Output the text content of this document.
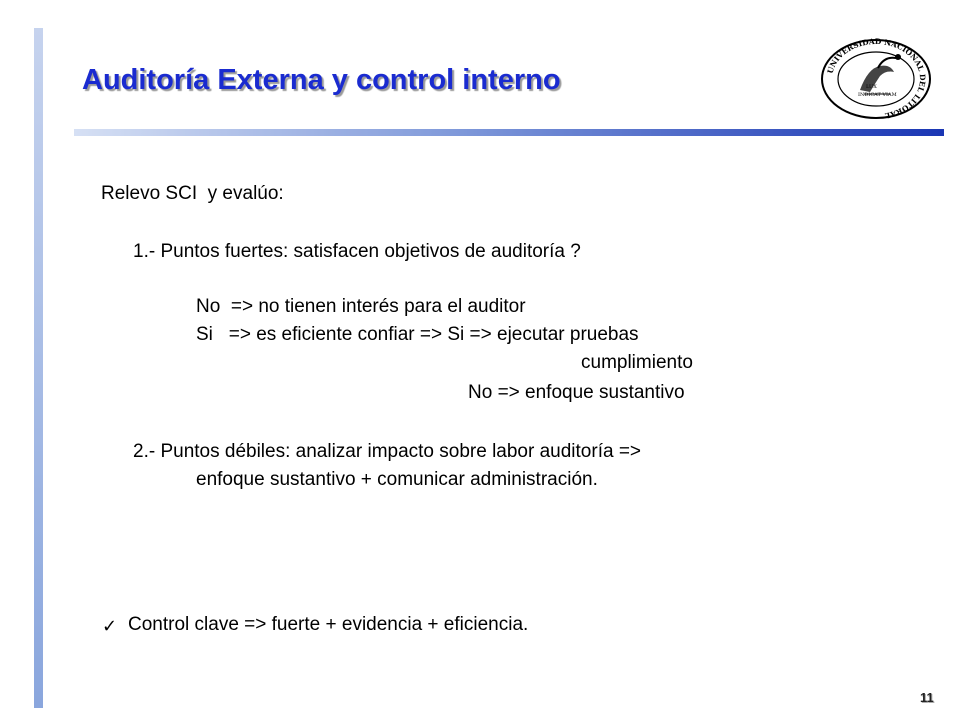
Auditoría Externa y control interno	UNIVERSIDAD NACIONAL DEL LITORAL
LUX
INDICAT VIAM
Relevo SCI  y evalúo:
1.- Puntos fuertes: satisfacen objetivos de auditoría ?
No  => no tienen interés para el auditor
Si   => es eficiente confiar => Si => ejecutar pruebas
cumplimiento
No => enfoque sustantivo
2.- Puntos débiles: analizar impacto sobre labor auditoría =>
enfoque sustantivo + comunicar administración.
✓ Control clave => fuerte + evidencia + eficiencia.
11
